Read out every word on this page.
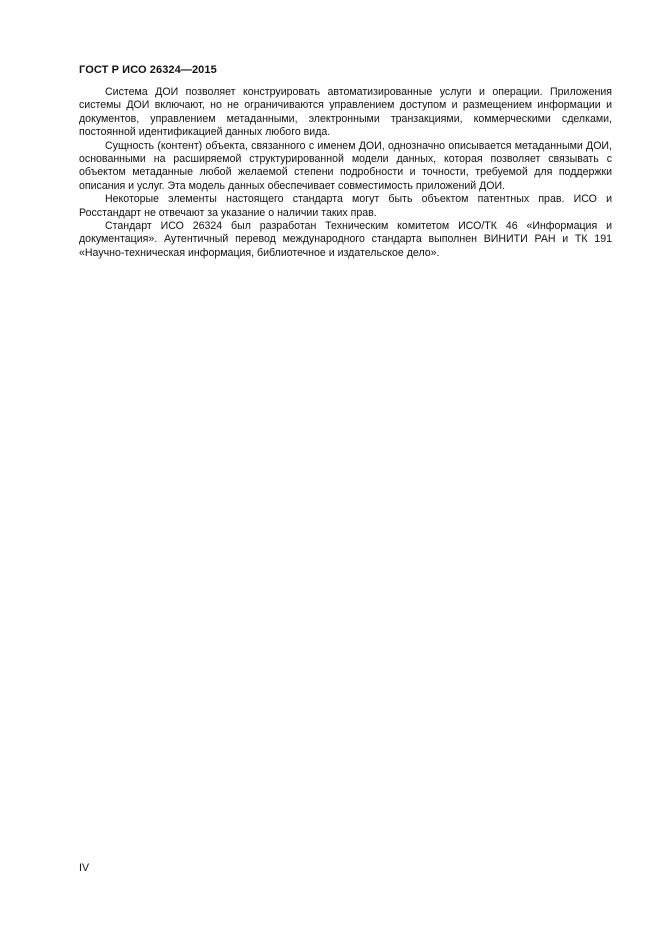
ГОСТ Р ИСО 26324—2015

Система ДОИ позволяет конструировать автоматизированные услуги и операции. Приложения системы ДОИ включают, но не ограничиваются управлением доступом и размещением информации и документов, управлением метаданными, электронными транзакциями, коммерческими сделками, постоянной идентификацией данных любого вида.

Сущность (контент) объекта, связанного с именем ДОИ, однозначно описывается метаданными ДОИ, основанными на расширяемой структурированной модели данных, которая позволяет связывать с объектом метаданные любой желаемой степени подробности и точности, требуемой для поддержки описания и услуг. Эта модель данных обеспечивает совместимость приложений ДОИ.

Некоторые элементы настоящего стандарта могут быть объектом патентных прав. ИСО и Росстандарт не отвечают за указание о наличии таких прав.

Стандарт ИСО 26324 был разработан Техническим комитетом ИСО/ТК 46 «Информация и документация». Аутентичный перевод международного стандарта выполнен ВИНИТИ РАН и ТК 191 «Научно-техническая информация, библиотечное и издательское дело».

IV
